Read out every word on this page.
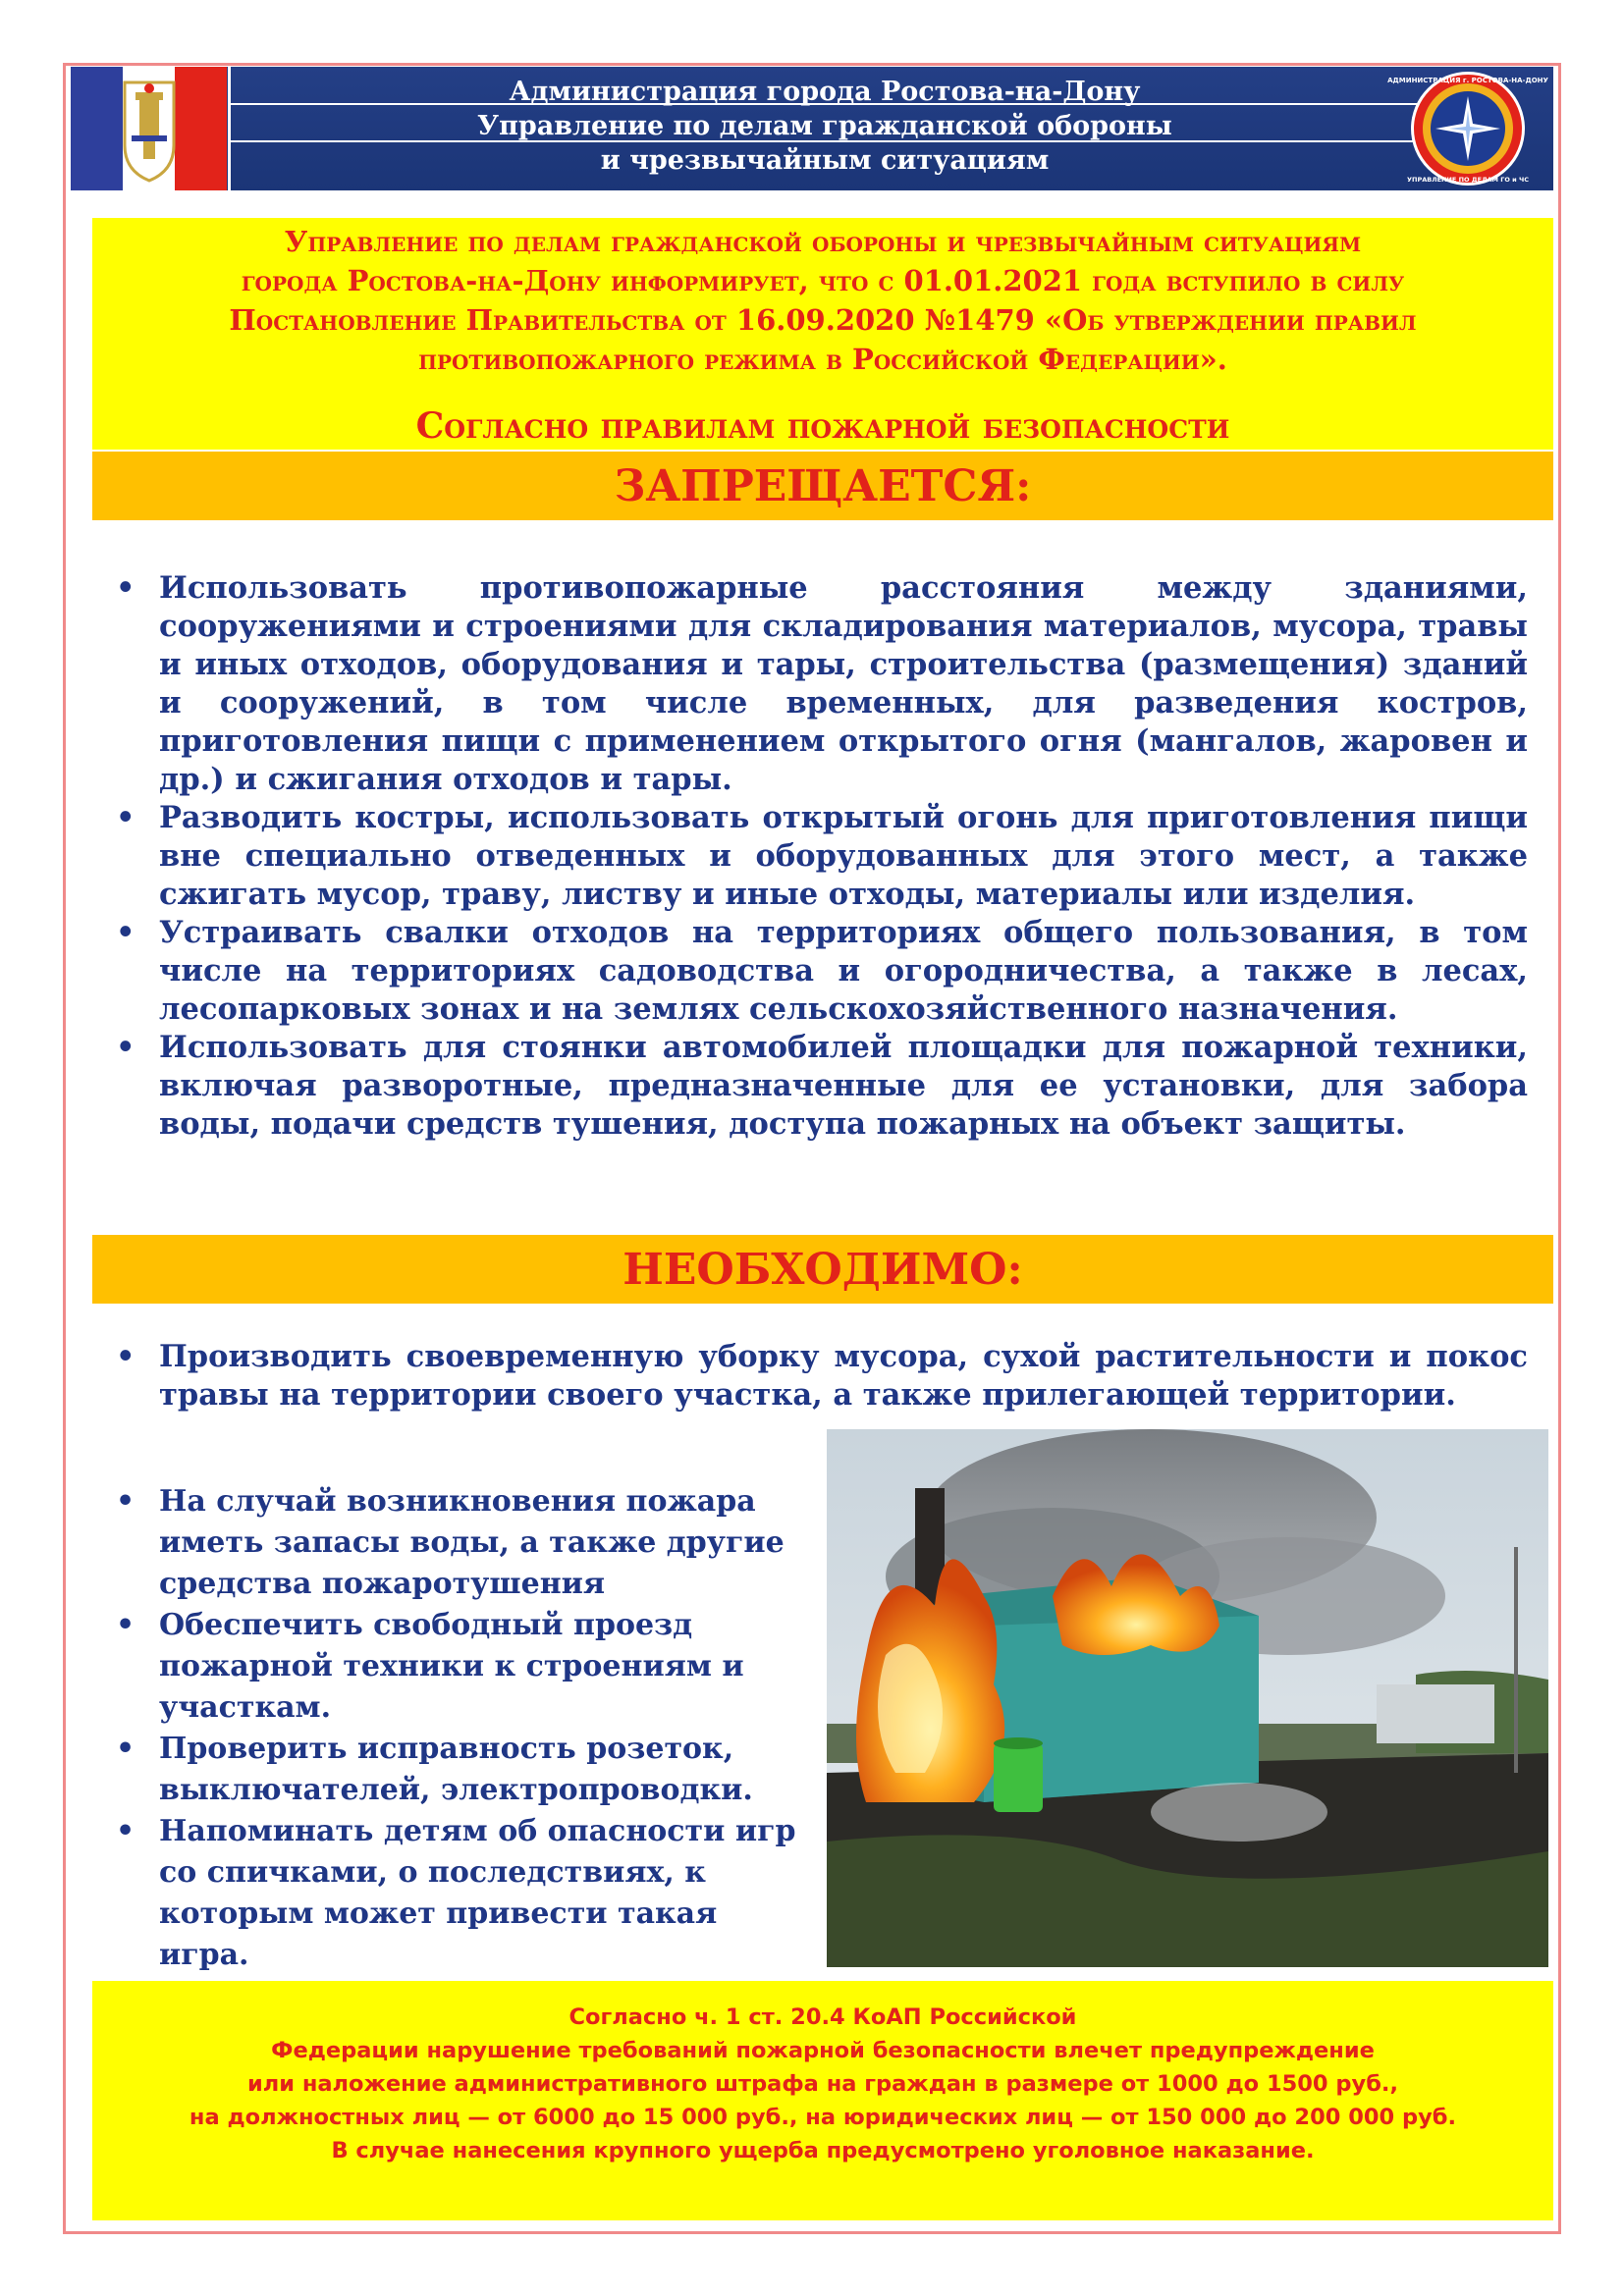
Администрация города Ростова-на-Дону
Управление по делам гражданской обороны
и чрезвычайным ситуациям
АДМИНИСТРАЦИЯ г. РОСТОВА-НА-ДОНУ
УПРАВЛЕНИЕ ПО ДЕЛАМ ГО и ЧС
Управление по делам гражданской обороны и чрезвычайным ситуациям
города Ростова-на-Дону информирует, что с 01.01.2021 года вступило в силу
Постановление Правительства от 16.09.2020 №1479 «Об утверждении правил
противопожарного режима в Российской Федерации».
Согласно правилам пожарной безопасности
ЗАПРЕЩАЕТСЯ:
• Использовать противопожарные расстояния между зданиями, сооружениями и строениями для складирования материалов, мусора, травы и иных отходов, оборудования и тары, строительства (размещения) зданий и сооружений, в том числе временных, для разведения костров, приготовления пищи с применением открытого огня (мангалов, жаровен и др.) и сжигания отходов и тары.
• Разводить костры, использовать открытый огонь для приготовления пищи вне специально отведенных и оборудованных для этого мест, а также сжигать мусор, траву, листву и иные отходы, материалы или изделия.
• Устраивать свалки отходов на территориях общего пользования, в том числе на территориях садоводства и огородничества, а также в лесах, лесопарковых зонах и на землях сельскохозяйственного назначения.
• Использовать для стоянки автомобилей площадки для пожарной техники, включая разворотные, предназначенные для ее установки, для забора воды, подачи средств тушения, доступа пожарных на объект защиты.
НЕОБХОДИМО:
• Производить своевременную уборку мусора, сухой растительности и покос травы на территории своего участка, а также прилегающей территории.
• На случай возникновения пожара иметь запасы воды, а также другие средства пожаротушения
• Обеспечить свободный проезд пожарной техники к строениям и участкам.
• Проверить исправность розеток, выключателей, электропроводки.
• Напоминать детям об опасности игр со спичками, о последствиях, к которым может привести такая игра.
Согласно ч. 1 ст. 20.4 КоАП Российской
Федерации нарушение требований пожарной безопасности влечет предупреждение
или наложение административного штрафа на граждан в размере от 1000 до 1500 руб.,
на должностных лиц — от 6000 до 15 000 руб., на юридических лиц — от 150 000 до 200 000 руб.
В случае нанесения крупного ущерба предусмотрено уголовное наказание.
